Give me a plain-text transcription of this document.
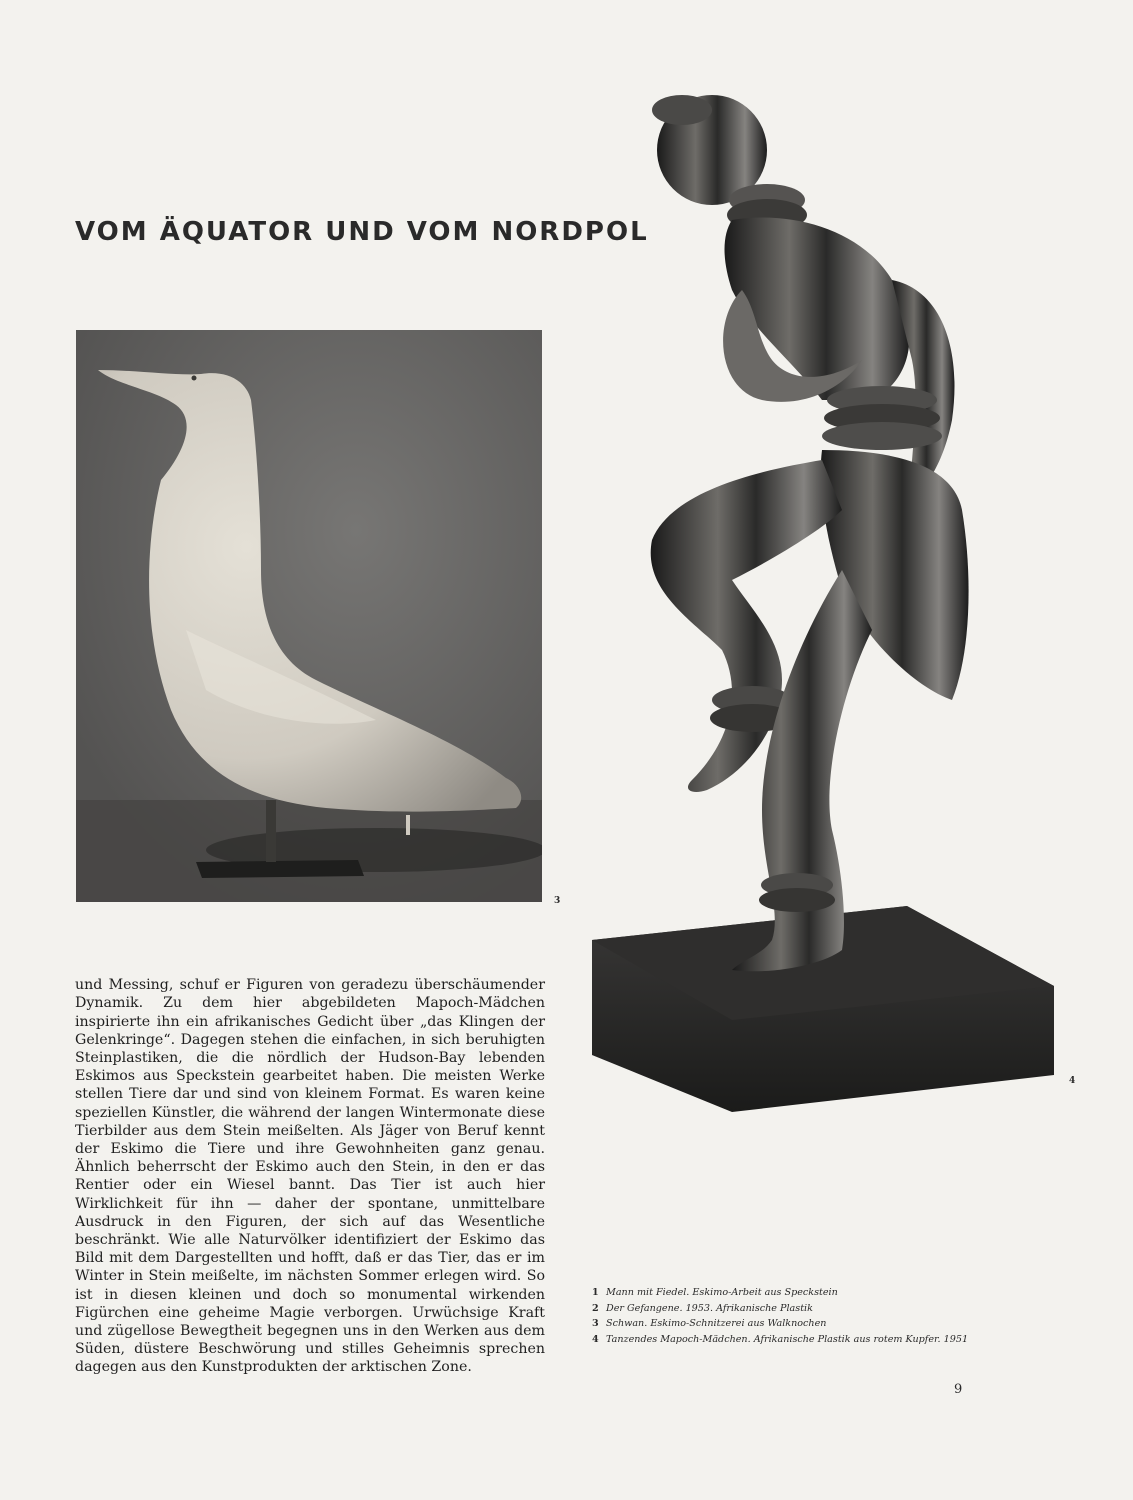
VOM ÄQUATOR UND VOM NORDPOL
3
4

und Messing, schuf er Figuren von geradezu überschäumender Dynamik. Zu dem hier abgebildeten Mapoch-Mädchen inspirierte ihn ein afrikanisches Gedicht über „das Klingen der Gelenkringe“. Dagegen stehen die einfachen, in sich beruhigten Steinplastiken, die die nördlich der Hudson-Bay lebenden Eskimos aus Speckstein gearbeitet haben. Die meisten Werke stellen Tiere dar und sind von kleinem Format. Es waren keine speziellen Künstler, die während der langen Wintermonate diese Tierbilder aus dem Stein meißelten. Als Jäger von Beruf kennt der Eskimo die Tiere und ihre Gewohnheiten ganz genau. Ähnlich beherrscht der Eskimo auch den Stein, in den er das Rentier oder ein Wiesel bannt. Das Tier ist auch hier Wirklichkeit für ihn — daher der spontane, unmittelbare Ausdruck in den Figuren, der sich auf das Wesentliche beschränkt. Wie alle Naturvölker identifiziert der Eskimo das Bild mit dem Dargestellten und hofft, daß er das Tier, das er im Winter in Stein meißelte, im nächsten Sommer erlegen wird. So ist in diesen kleinen und doch so monumental wirkenden Figürchen eine geheime Magie verborgen. Urwüchsige Kraft und zügellose Bewegtheit begegnen uns in den Werken aus dem Süden, düstere Beschwörung und stilles Geheimnis sprechen dagegen aus den Kunstprodukten der arktischen Zone.

1 Mann mit Fiedel. Eskimo-Arbeit aus Speckstein
2 Der Gefangene. 1953. Afrikanische Plastik
3 Schwan. Eskimo-Schnitzerei aus Walknochen
4 Tanzendes Mapoch-Mädchen. Afrikanische Plastik aus rotem Kupfer. 1951
9
